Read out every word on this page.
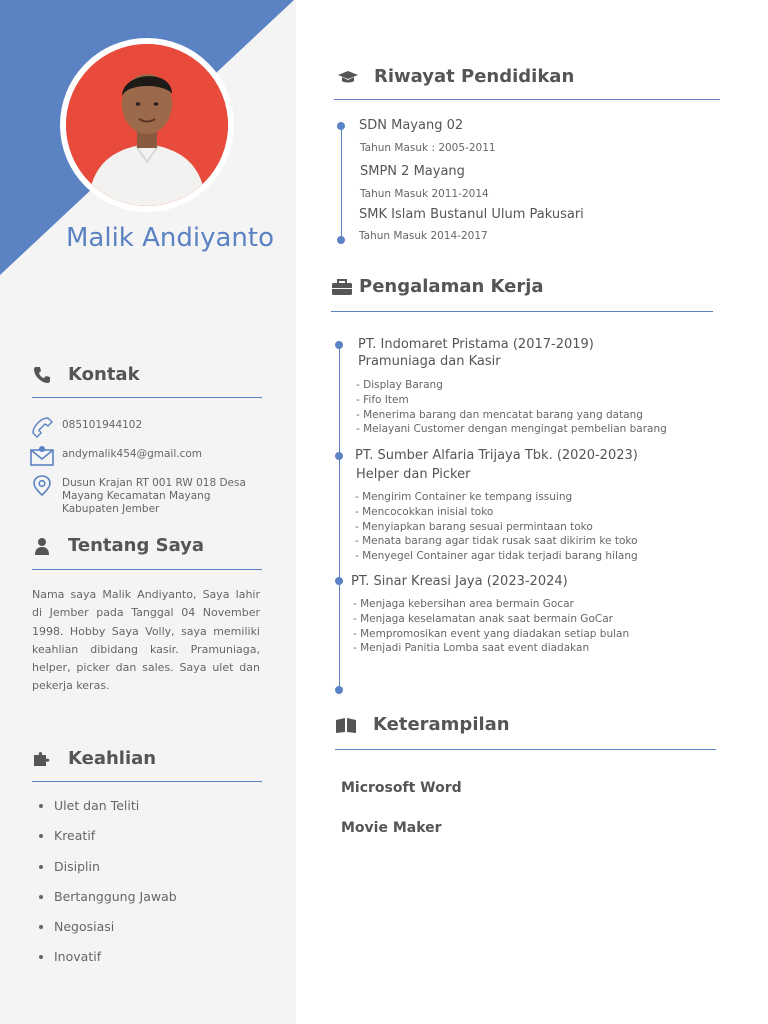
Malik Andiyanto
Kontak
085101944102
andymalik454@gmail.com
Dusun Krajan RT 001 RW 018 Desa
Mayang Kecamatan Mayang
Kabupaten Jember
Tentang Saya
Nama saya Malik Andiyanto, Saya lahir di Jember pada Tanggal 04 November 1998. Hobby Saya Volly, saya memiliki keahlian dibidang kasir. Pramuniaga, helper, picker dan sales. Saya ulet dan pekerja keras.
Keahlian
• Ulet dan Teliti
• Kreatif
• Disiplin
• Bertanggung Jawab
• Negosiasi
• Inovatif
Riwayat Pendidikan
SDN Mayang 02
Tahun Masuk : 2005-2011
SMPN 2 Mayang
Tahun Masuk 2011-2014
SMK Islam Bustanul Ulum Pakusari
Tahun Masuk 2014-2017
Pengalaman Kerja
PT. Indomaret Pristama (2017-2019)
Pramuniaga dan Kasir
- Display Barang
- Fifo Item
- Menerima barang dan mencatat barang yang datang
- Melayani Customer dengan mengingat pembelian barang
PT. Sumber Alfaria Trijaya Tbk. (2020-2023)
Helper dan Picker
- Mengirim Container ke tempang issuing
- Mencocokkan inisial toko
- Menyiapkan barang sesuai permintaan toko
- Menata barang agar tidak rusak saat dikirim ke toko
- Menyegel Container agar tidak terjadi barang hilang
PT. Sinar Kreasi Jaya (2023-2024)
- Menjaga kebersihan area bermain Gocar
- Menjaga keselamatan anak saat bermain GoCar
- Mempromosikan event yang diadakan setiap bulan
- Menjadi Panitia Lomba saat event diadakan
Keterampilan
Microsoft Word
Movie Maker
